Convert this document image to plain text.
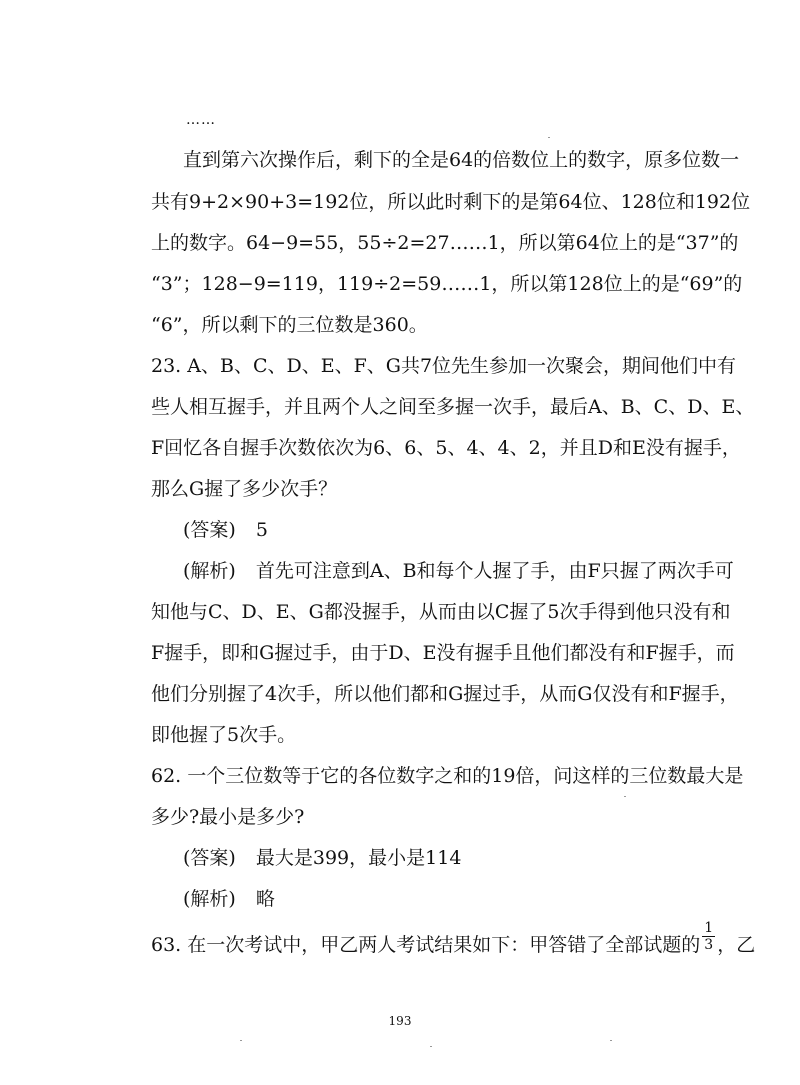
……

直到第六次操作后，剩下的全是64的倍数位上的数字，原多位数一

共有9+2×90+3=192位，所以此时剩下的是第64位、128位和192位

上的数字。64−9=55，55÷2=27……1，所以第64位上的是“37”的

“3”；128−9=119，119÷2=59……1，所以第128位上的是“69”的

“6”，所以剩下的三位数是360。

23. A、B、C、D、E、F、G共7位先生参加一次聚会，期间他们中有

些人相互握手，并且两个人之间至多握一次手，最后A、B、C、D、E、

F回忆各自握手次数依次为6、6、5、4、4、2，并且D和E没有握手，

那么G握了多少次手？

(答案) 5

(解析) 首先可注意到A、B和每个人握了手，由F只握了两次手可

知他与C、D、E、G都没握手，从而由以C握了5次手得到他只没有和

F握手，即和G握过手，由于D、E没有握手且他们都没有和F握手，而

他们分别握了4次手，所以他们都和G握过手，从而G仅没有和F握手，

即他握了5次手。

62. 一个三位数等于它的各位数字之和的19倍，问这样的三位数最大是

多少?最小是多少?

(答案) 最大是399，最小是114

(解析) 略

63. 在一次考试中，甲乙两人考试结果如下：甲答错了全部试题的 $\frac{1}{3}$ ，乙

193
